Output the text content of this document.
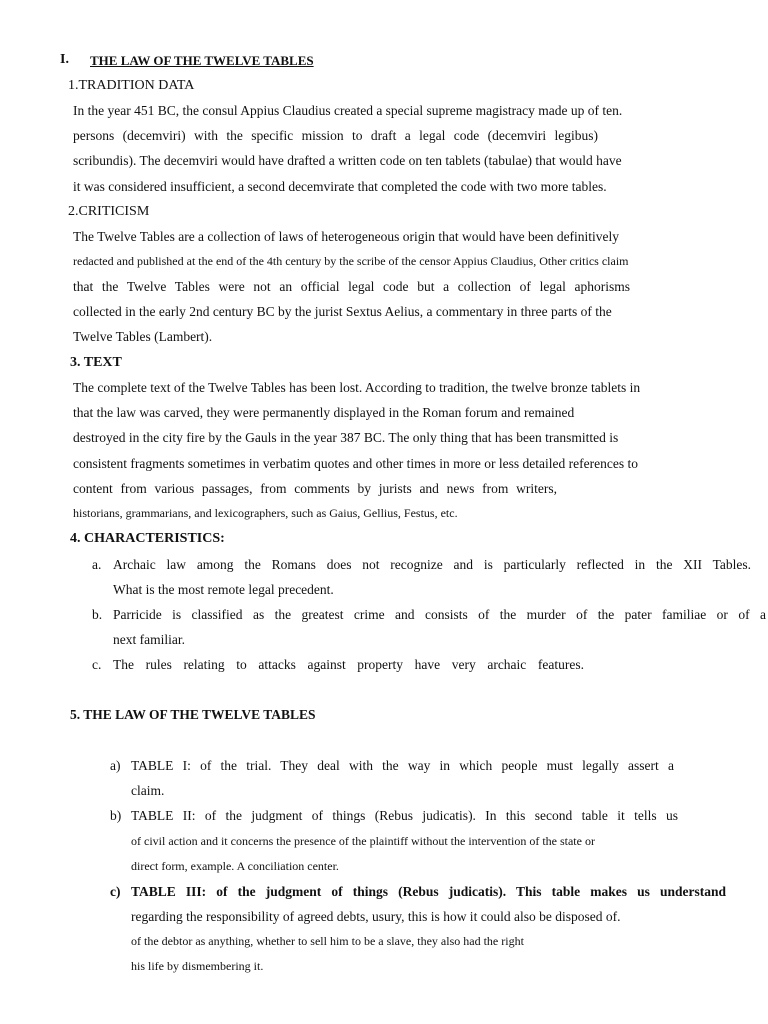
I. THE LAW OF THE TWELVE TABLES
1.TRADITION DATA
In the year 451 BC, the consul Appius Claudius created a special supreme magistracy made up of ten.
persons (decemviri) with the specific mission to draft a legal code (decemviri legibus)
scribundis). The decemviri would have drafted a written code on ten tablets (tabulae) that would have
it was considered insufficient, a second decemvirate that completed the code with two more tables.
2.CRITICISM
The Twelve Tables are a collection of laws of heterogeneous origin that would have been definitively
redacted and published at the end of the 4th century by the scribe of the censor Appius Claudius, Other critics claim
that the Twelve Tables were not an official legal code but a collection of legal aphorisms
collected in the early 2nd century BC by the jurist Sextus Aelius, a commentary in three parts of the
Twelve Tables (Lambert).
3. TEXT
The complete text of the Twelve Tables has been lost. According to tradition, the twelve bronze tablets in
that the law was carved, they were permanently displayed in the Roman forum and remained
destroyed in the city fire by the Gauls in the year 387 BC. The only thing that has been transmitted is
consistent fragments sometimes in verbatim quotes and other times in more or less detailed references to
content from various passages, from comments by jurists and news from writers,
historians, grammarians, and lexicographers, such as Gaius, Gellius, Festus, etc.
4. CHARACTERISTICS:
a. Archaic law among the Romans does not recognize and is particularly reflected in the XII Tables.
What is the most remote legal precedent.
b. Parricide is classified as the greatest crime and consists of the murder of the pater familiae or of a
next familiar.
c. The rules relating to attacks against property have very archaic features.
5. THE LAW OF THE TWELVE TABLES
a) TABLE I: of the trial. They deal with the way in which people must legally assert a
claim.
b) TABLE II: of the judgment of things (Rebus judicatis). In this second table it tells us
of civil action and it concerns the presence of the plaintiff without the intervention of the state or
direct form, example. A conciliation center.
c) TABLE III: of the judgment of things (Rebus judicatis). This table makes us understand
regarding the responsibility of agreed debts, usury, this is how it could also be disposed of.
of the debtor as anything, whether to sell him to be a slave, they also had the right
his life by dismembering it.
